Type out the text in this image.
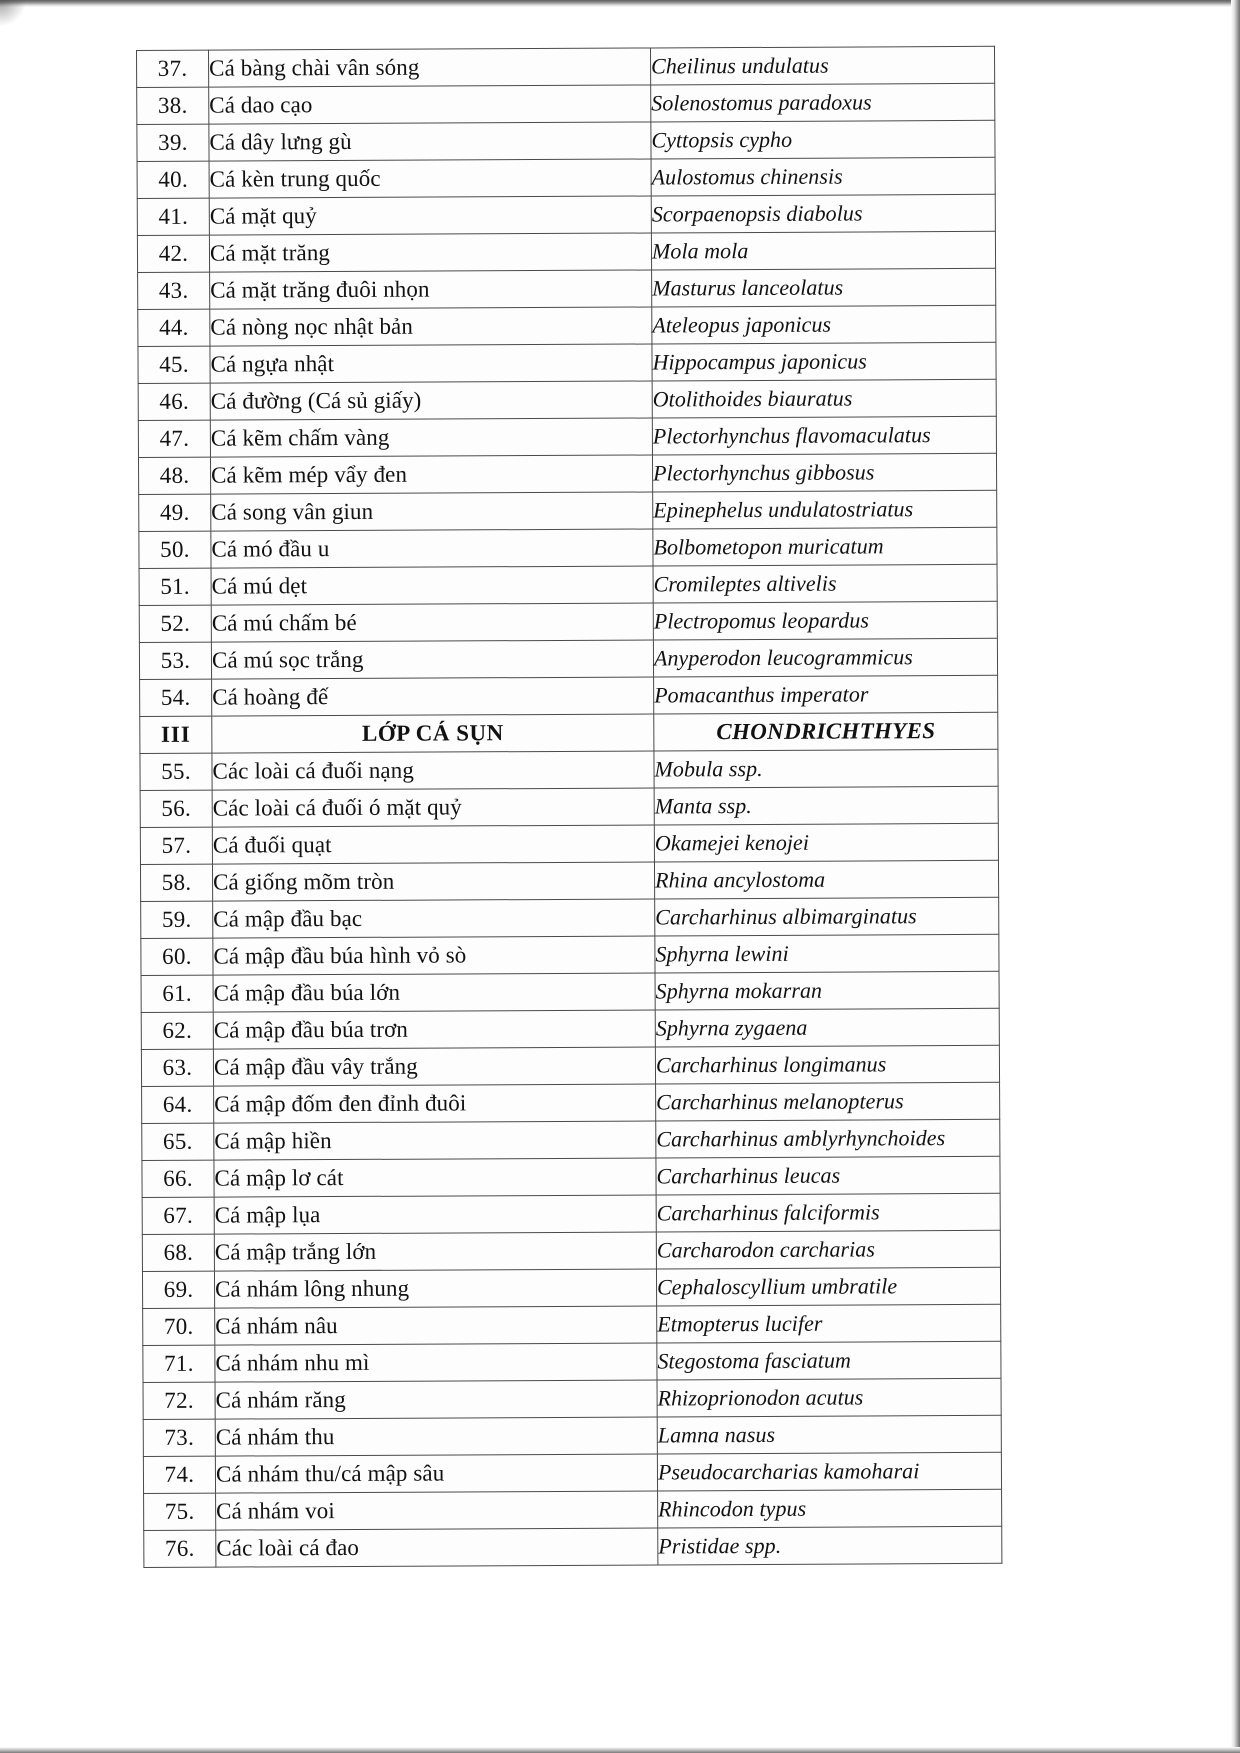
37.	Cá bàng chài vân sóng	Cheilinus undulatus
38.	Cá dao cạo	Solenostomus paradoxus
39.	Cá dây lưng gù	Cyttopsis cypho
40.	Cá kèn trung quốc	Aulostomus chinensis
41.	Cá mặt quỷ	Scorpaenopsis diabolus
42.	Cá mặt trăng	Mola mola
43.	Cá mặt trăng đuôi nhọn	Masturus lanceolatus
44.	Cá nòng nọc nhật bản	Ateleopus japonicus
45.	Cá ngựa nhật	Hippocampus japonicus
46.	Cá đường (Cá sủ giấy)	Otolithoides biauratus
47.	Cá kẽm chấm vàng	Plectorhynchus flavomaculatus
48.	Cá kẽm mép vẩy đen	Plectorhynchus gibbosus
49.	Cá song vân giun	Epinephelus undulatostriatus
50.	Cá mó đầu u	Bolbometopon muricatum
51.	Cá mú dẹt	Cromileptes altivelis
52.	Cá mú chấm bé	Plectropomus leopardus
53.	Cá mú sọc trắng	Anyperodon leucogrammicus
54.	Cá hoàng đế	Pomacanthus imperator
III	LỚP CÁ SỤN	CHONDRICHTHYES
55.	Các loài cá đuối nạng	Mobula ssp.
56.	Các loài cá đuối ó mặt quỷ	Manta ssp.
57.	Cá đuối quạt	Okamejei kenojei
58.	Cá giống mõm tròn	Rhina ancylostoma
59.	Cá mập đầu bạc	Carcharhinus albimarginatus
60.	Cá mập đầu búa hình vỏ sò	Sphyrna lewini
61.	Cá mập đầu búa lớn	Sphyrna mokarran
62.	Cá mập đầu búa trơn	Sphyrna zygaena
63.	Cá mập đầu vây trắng	Carcharhinus longimanus
64.	Cá mập đốm đen đỉnh đuôi	Carcharhinus melanopterus
65.	Cá mập hiền	Carcharhinus amblyrhynchoides
66.	Cá mập lơ cát	Carcharhinus leucas
67.	Cá mập lụa	Carcharhinus falciformis
68.	Cá mập trắng lớn	Carcharodon carcharias
69.	Cá nhám lông nhung	Cephaloscyllium umbratile
70.	Cá nhám nâu	Etmopterus lucifer
71.	Cá nhám nhu mì	Stegostoma fasciatum
72.	Cá nhám răng	Rhizoprionodon acutus
73.	Cá nhám thu	Lamna nasus
74.	Cá nhám thu/cá mập sâu	Pseudocarcharias kamoharai
75.	Cá nhám voi	Rhincodon typus
76.	Các loài cá đao	Pristidae spp.
